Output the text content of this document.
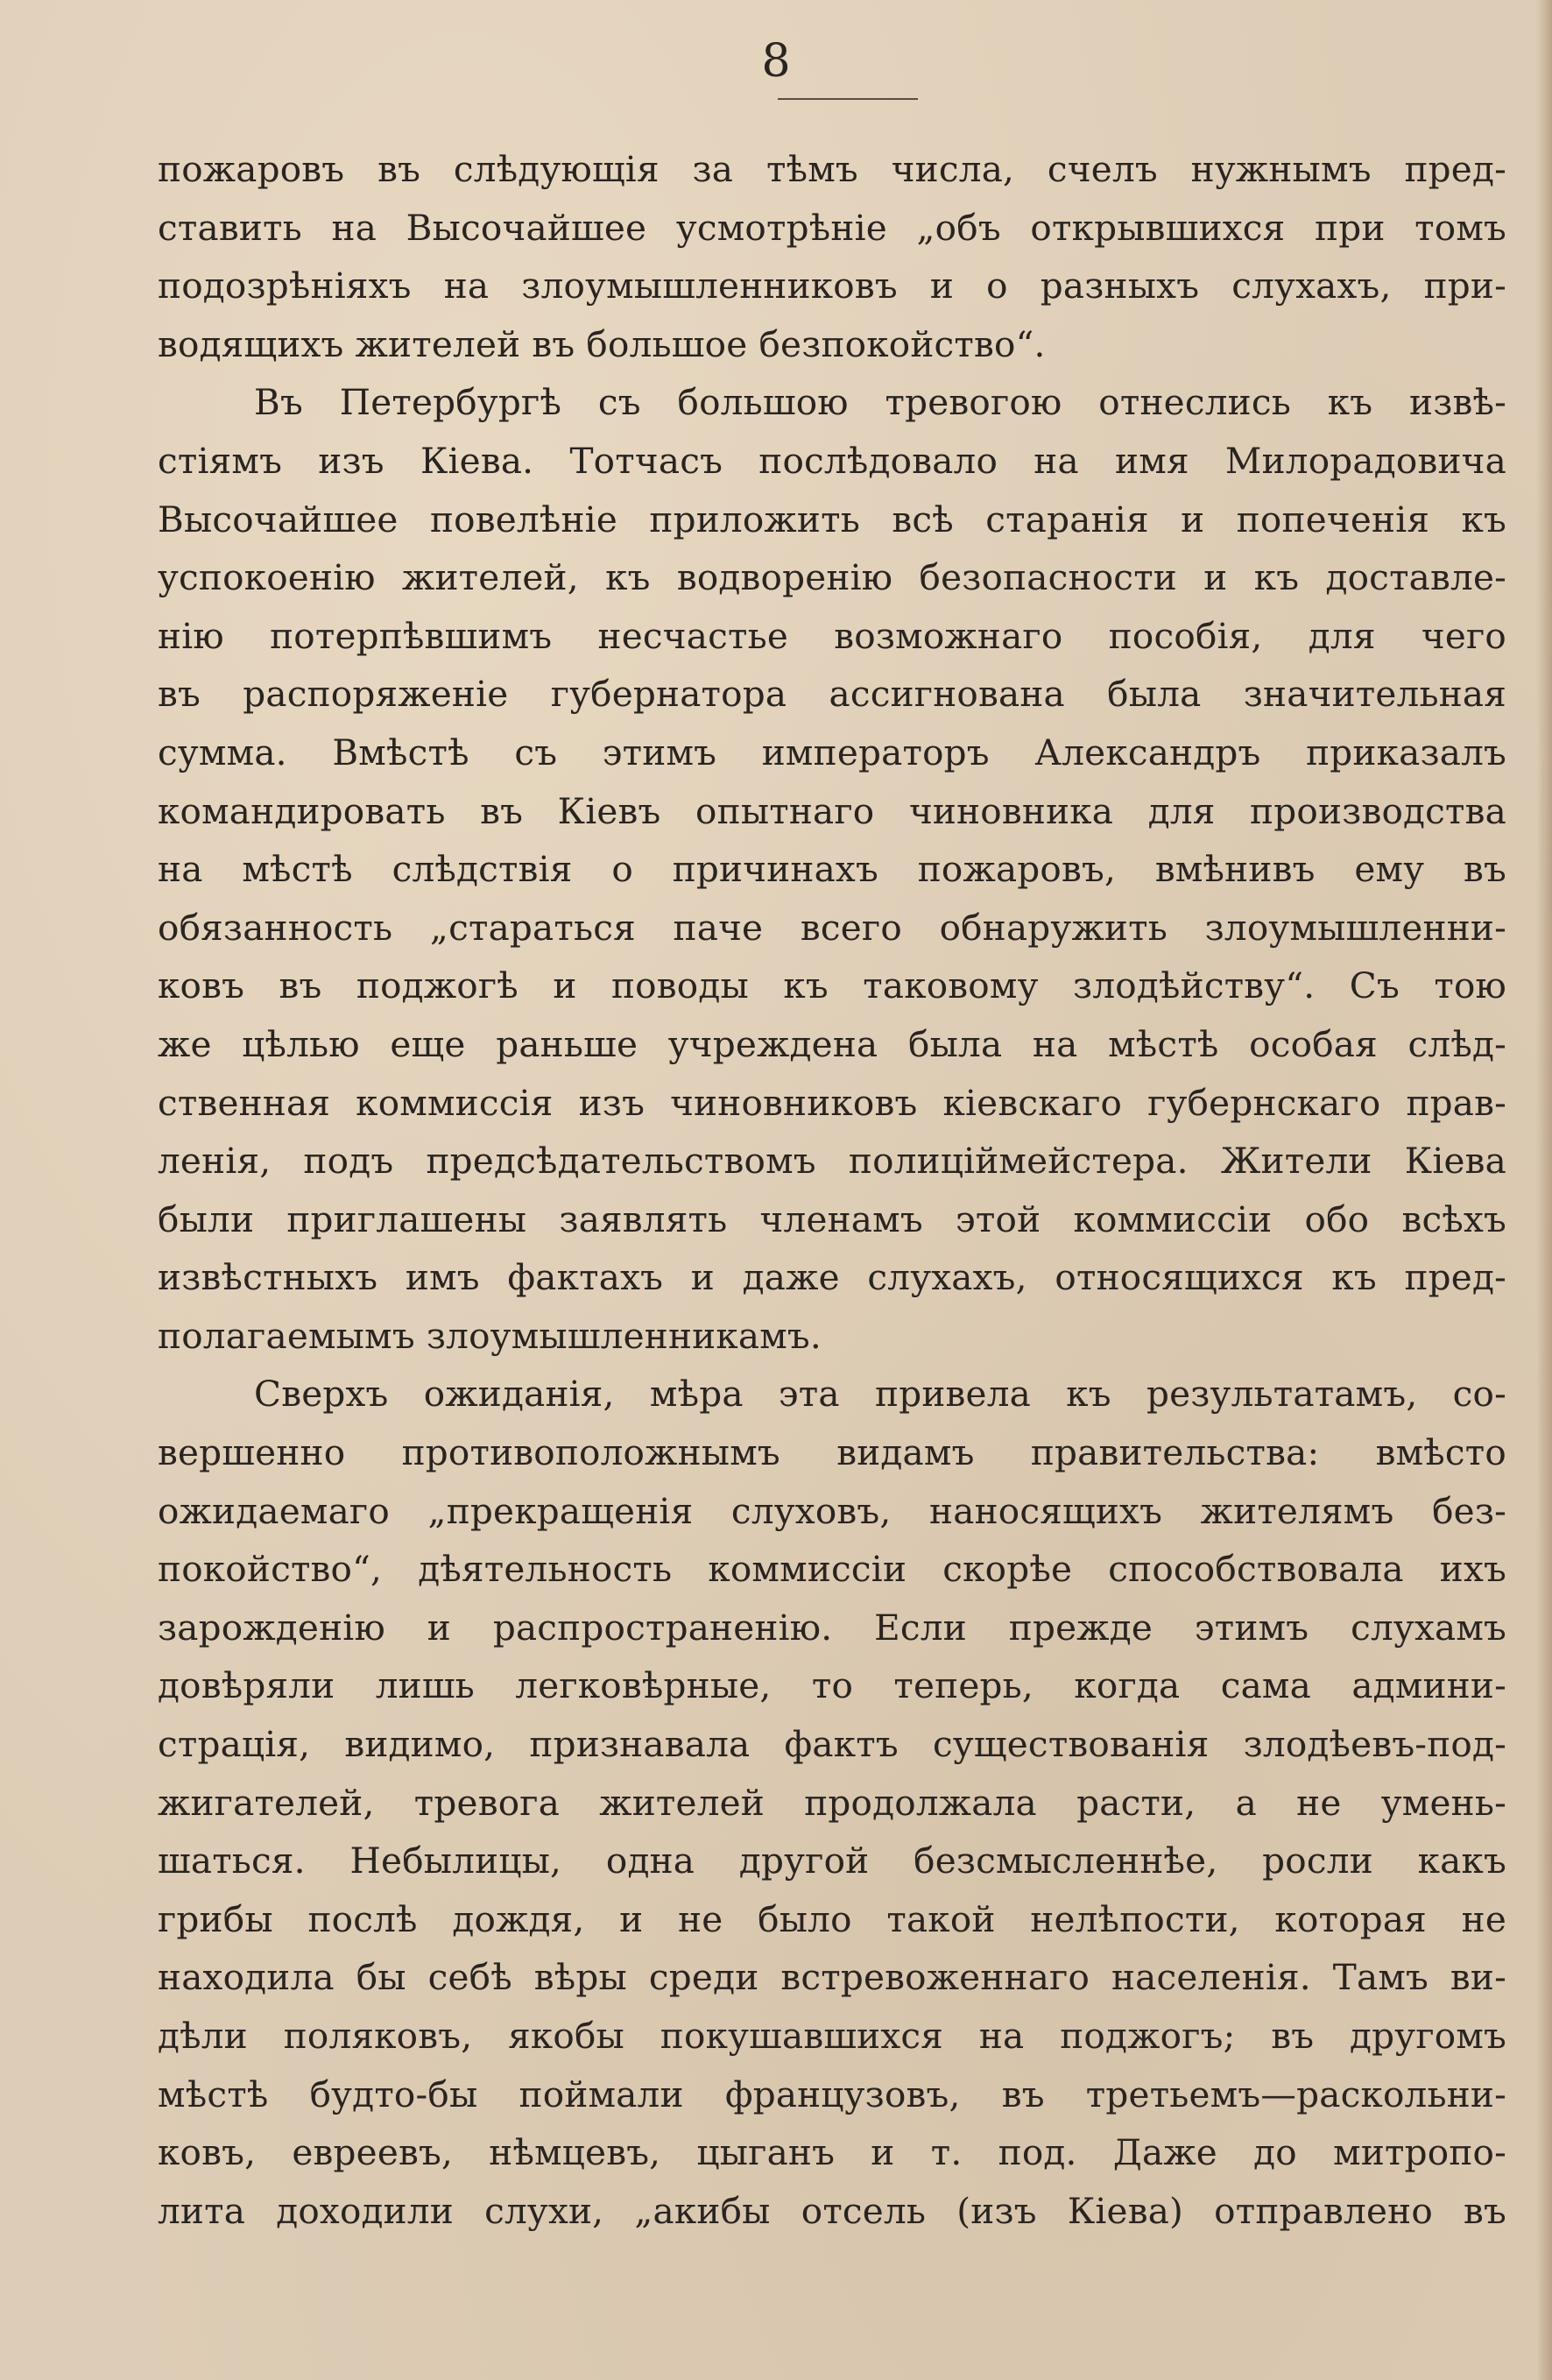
8
пожаровъ въ слѣдующія за тѣмъ числа, счелъ нужнымъ пред-
ставить на Высочайшее усмотрѣніе „объ открывшихся при томъ
подозрѣніяхъ на злоумышленниковъ и о разныхъ слухахъ, при-
водящихъ жителей въ большое безпокойство“.
Въ Петербургѣ съ большою тревогою отнеслись къ извѣ-
стіямъ изъ Кіева. Тотчасъ послѣдовало на имя Милорадовича
Высочайшее повелѣніе приложить всѣ старанія и попеченія къ
успокоенію жителей, къ водворенію безопасности и къ доставле-
нію потерпѣвшимъ несчастье возможнаго пособія, для чего
въ распоряженіе губернатора ассигнована была значительная
сумма. Вмѣстѣ съ этимъ императоръ Александръ приказалъ
командировать въ Кіевъ опытнаго чиновника для производства
на мѣстѣ слѣдствія о причинахъ пожаровъ, вмѣнивъ ему въ
обязанность „стараться паче всего обнаружить злоумышленни-
ковъ въ поджогѣ и поводы къ таковому злодѣйству“. Съ тою
же цѣлью еще раньше учреждена была на мѣстѣ особая слѣд-
ственная коммиссія изъ чиновниковъ кіевскаго губернскаго прав-
ленія, подъ предсѣдательствомъ полиціймейстера. Жители Кіева
были приглашены заявлять членамъ этой коммиссіи обо всѣхъ
извѣстныхъ имъ фактахъ и даже слухахъ, относящихся къ пред-
полагаемымъ злоумышленникамъ.
Сверхъ ожиданія, мѣра эта привела къ результатамъ, со-
вершенно противоположнымъ видамъ правительства: вмѣсто
ожидаемаго „прекращенія слуховъ, наносящихъ жителямъ без-
покойство“, дѣятельность коммиссіи скорѣе способствовала ихъ
зарожденію и распространенію. Если прежде этимъ слухамъ
довѣряли лишь легковѣрные, то теперь, когда сама админи-
страція, видимо, признавала фактъ существованія злодѣевъ-под-
жигателей, тревога жителей продолжала расти, а не умень-
шаться. Небылицы, одна другой безсмысленнѣе, росли какъ
грибы послѣ дождя, и не было такой нелѣпости, которая не
находила бы себѣ вѣры среди встревоженнаго населенія. Тамъ ви-
дѣли поляковъ, якобы покушавшихся на поджогъ; въ другомъ
мѣстѣ будто-бы поймали французовъ, въ третьемъ—раскольни-
ковъ, евреевъ, нѣмцевъ, цыганъ и т. под. Даже до митропо-
лита доходили слухи, „акибы отсель (изъ Кіева) отправлено въ
